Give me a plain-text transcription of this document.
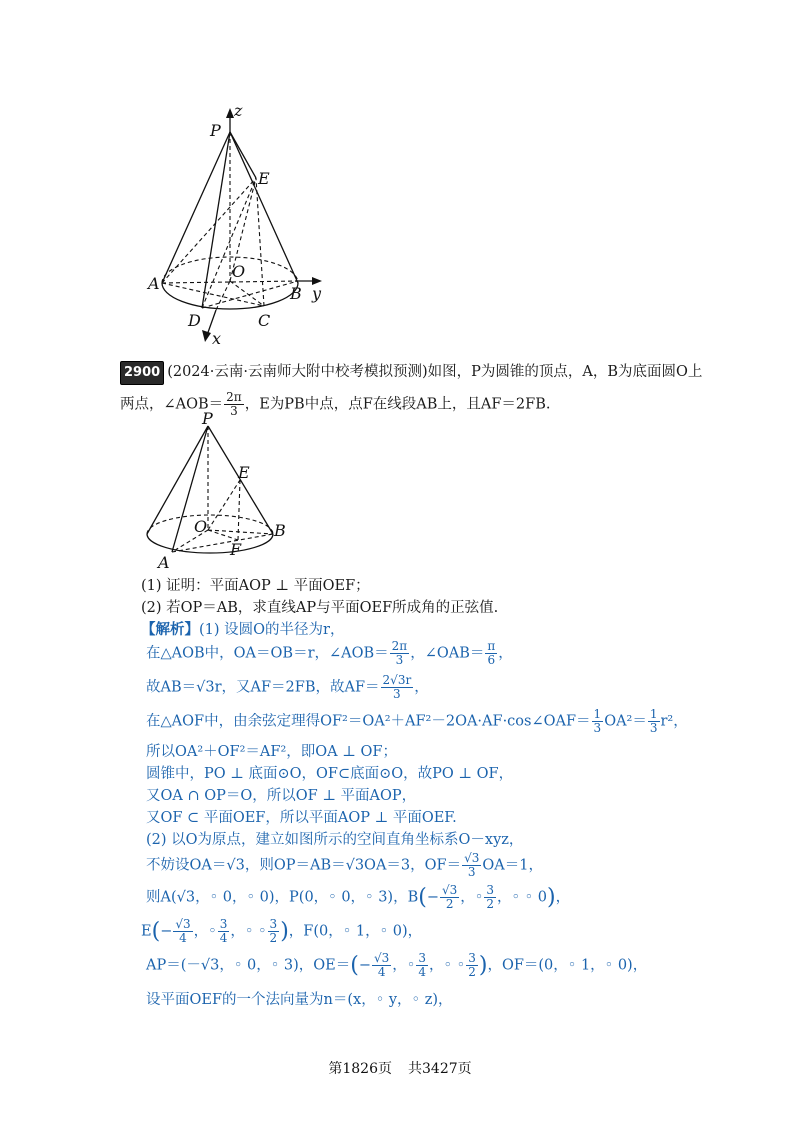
z
P
E
O
A
B y
D	C
x
2900 (2024·云南·云南师大附中校考模拟预测)如图，P为圆锥的顶点，A，B为底面圆O上
两点，∠AOB＝ $\frac{2\pi}{3}$ ，E为PB中点，点F在线段AB上，且AF＝2FB.
P
E
O	B
F
A
(1) 证明：平面AOP ⊥ 平面OEF；
(2) 若OP＝AB，求直线AP与平面OEF所成角的正弦值.
【解析】(1) 设圆O的半径为r，
在△AOB中，OA＝OB＝r，∠AOB＝ $\frac{2\pi}{3}$ ，∠OAB＝ $\frac{\pi}{6}$ ，
故AB＝√3r，又AF＝2FB，故$AF= \frac{2√3r}{3}$ ，
在△AOF中，由余弦定理得OF²＝OA²＋AF²－2OA·AF·cos∠OAF＝ $\frac{1}{3} OA^2= \frac{1}{3} r^2$，
所以OA²＋OF²＝AF²，即OA ⊥ OF；
圆锥中，PO ⊥ 底面⊙O，OF⊂底面⊙O，故PO ⊥ OF，
又OA ∩ OP＝O，所以OF ⊥ 平面AOP，
又OF ⊂ 平面OEF，所以平面AOP ⊥ 平面OEF.
(2) 以O为原点，建立如图所示的空间直角坐标系O－xyz，
不妨设OA＝√3，则OP＝AB＝√3OA＝3，$OF= \frac{√3}{3} OA=1$，
则A(√3，◦ 0，◦ 0)，P(0，◦ 0，◦ 3)，$B(- \frac{√3}{2}$ ，◦ $\frac{3}{2}$ ，◦ ◦ 0)，
$E(- \frac{√3}{4}$ ，◦ $\frac{3}{4}$ ，◦ ◦ $\frac{3}{2}$ )，F(0，◦ 1，◦ 0)，
AP＝(－√3，◦ 0，◦ 3)，$OE=(- \frac{√3}{4}$ ，◦ $\frac{3}{4}$ ，◦ ◦ $\frac{3}{2}$ )，OF＝(0，◦ 1，◦ 0)，
设平面OEF的一个法向量为n＝(x，◦ y，◦ z)，
第1826页 共3427页
